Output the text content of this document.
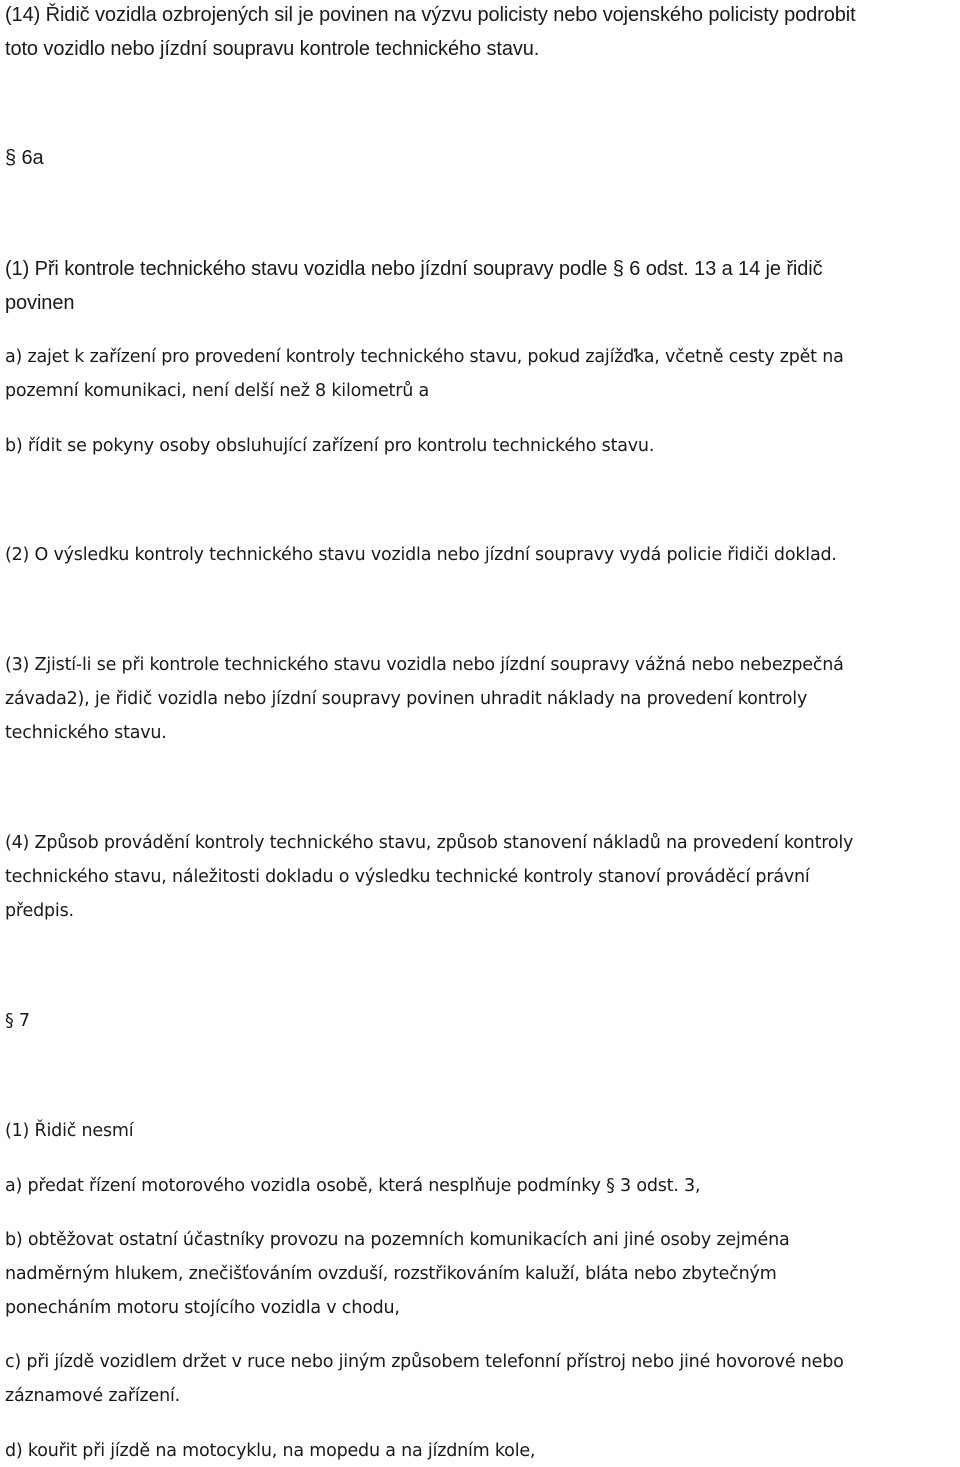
(14) Řidič vozidla ozbrojených sil je povinen na výzvu policisty nebo vojenského policisty podrobit
toto vozidlo nebo jízdní soupravu kontrole technického stavu.
§ 6a
(1) Při kontrole technického stavu vozidla nebo jízdní soupravy podle § 6 odst. 13 a 14 je řidič
povinen
a) zajet k zařízení pro provedení kontroly technického stavu, pokud zajížďka, včetně cesty zpět na
pozemní komunikaci, není delší než 8 kilometrů a
b) řídit se pokyny osoby obsluhující zařízení pro kontrolu technického stavu.
(2) O výsledku kontroly technického stavu vozidla nebo jízdní soupravy vydá policie řidiči doklad.
(3) Zjistí-li se při kontrole technického stavu vozidla nebo jízdní soupravy vážná nebo nebezpečná
závada2), je řidič vozidla nebo jízdní soupravy povinen uhradit náklady na provedení kontroly
technického stavu.
(4) Způsob provádění kontroly technického stavu, způsob stanovení nákladů na provedení kontroly
technického stavu, náležitosti dokladu o výsledku technické kontroly stanoví prováděcí právní
předpis.
§ 7
(1) Řidič nesmí
a) předat řízení motorového vozidla osobě, která nesplňuje podmínky § 3 odst. 3,
b) obtěžovat ostatní účastníky provozu na pozemních komunikacích ani jiné osoby zejména
nadměrným hlukem, znečišťováním ovzduší, rozstřikováním kaluží, bláta nebo zbytečným
ponecháním motoru stojícího vozidla v chodu,
c) při jízdě vozidlem držet v ruce nebo jiným způsobem telefonní přístroj nebo jiné hovorové nebo
záznamové zařízení.
d) kouřit při jízdě na motocyklu, na mopedu a na jízdním kole,
